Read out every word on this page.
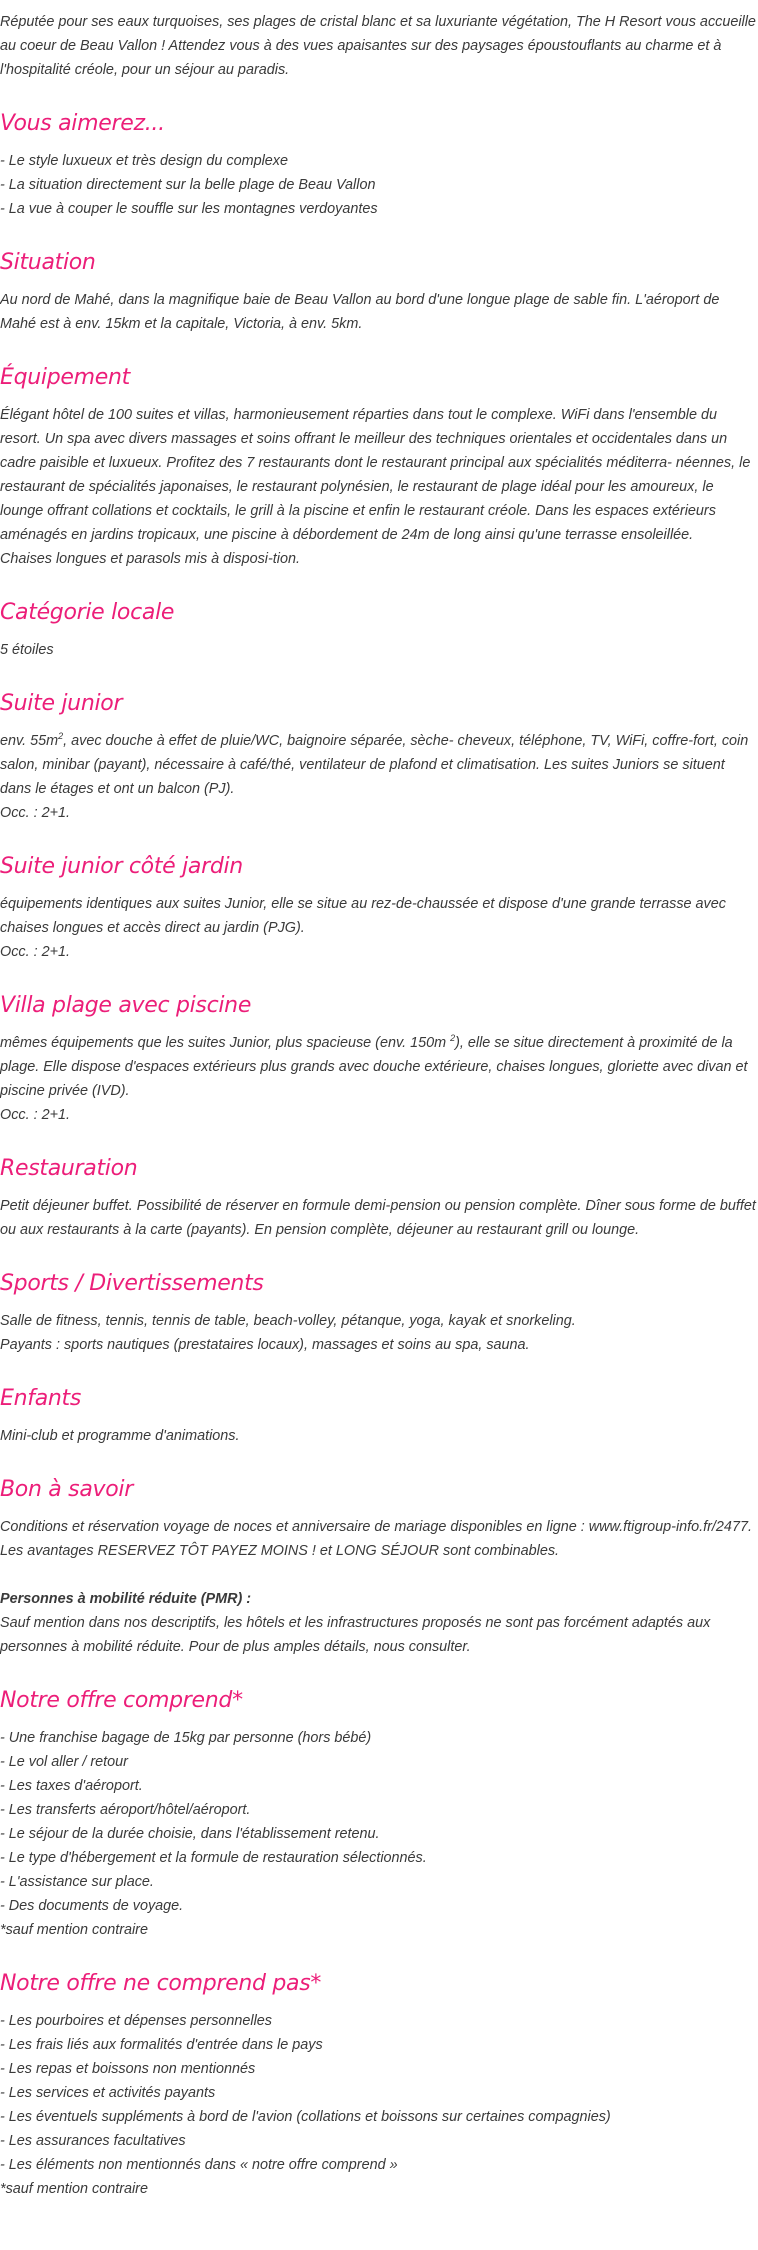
Réputée pour ses eaux turquoises, ses plages de cristal blanc et sa luxuriante végétation, The H Resort vous accueille au coeur de Beau Vallon ! Attendez vous à des vues apaisantes sur des paysages époustouflants au charme et à l'hospitalité créole, pour un séjour au paradis.

Vous aimerez...
- Le style luxueux et très design du complexe
- La situation directement sur la belle plage de Beau Vallon
- La vue à couper le souffle sur les montagnes verdoyantes
Situation

Au nord de Mahé, dans la magnifique baie de Beau Vallon au bord d'une longue plage de sable fin. L'aéroport de Mahé est à env. 15km et la capitale, Victoria, à env. 5km.

Équipement

Élégant hôtel de 100 suites et villas, harmonieusement réparties dans tout le complexe. WiFi dans l'ensemble du resort. Un spa avec divers massages et soins offrant le meilleur des techniques orientales et occidentales dans un cadre paisible et luxueux. Profitez des 7 restaurants dont le restaurant principal aux spécialités méditerra- néennes, le restaurant de spécialités japonaises, le restaurant polynésien, le restaurant de plage idéal pour les amoureux, le lounge offrant collations et cocktails, le grill à la piscine et enfin le restaurant créole. Dans les espaces extérieurs aménagés en jardins tropicaux, une piscine à débordement de 24m de long ainsi qu'une terrasse ensoleillée.

Chaises longues et parasols mis à disposi-tion.

Catégorie locale

5 étoiles

Suite junior

env. $55m^2$, avec douche à effet de pluie/WC, baignoire séparée, sèche- cheveux, téléphone, TV, WiFi, coffre-fort, coin salon, minibar (payant), nécessaire à café/thé, ventilateur de plafond et climatisation. Les suites Juniors se situent dans le étages et ont un balcon (PJ).

Occ. : 2+1.

Suite junior côté jardin

équipements identiques aux suites Junior, elle se situe au rez-de-chaussée et dispose d'une grande terrasse avec chaises longues et accès direct au jardin (PJG).

Occ. : 2+1.

Villa plage avec piscine

mêmes équipements que les suites Junior, plus spacieuse (env. 150m $^2$), elle se situe directement à proximité de la plage. Elle dispose d'espaces extérieurs plus grands avec douche extérieure, chaises longues, gloriette avec divan et piscine privée (IVD).

Occ. : 2+1.

Restauration

Petit déjeuner buffet. Possibilité de réserver en formule demi-pension ou pension complète. Dîner sous forme de buffet ou aux restaurants à la carte (payants). En pension complète, déjeuner au restaurant grill ou lounge.

Sports / Divertissements

Salle de fitness, tennis, tennis de table, beach-volley, pétanque, yoga, kayak et snorkeling.

Payants : sports nautiques (prestataires locaux), massages et soins au spa, sauna.

Enfants

Mini-club et programme d'animations.

Bon à savoir

Conditions et réservation voyage de noces et anniversaire de mariage disponibles en ligne : www.ftigroup-info.fr/2477.

Les avantages RESERVEZ TÔT PAYEZ MOINS ! et LONG SÉJOUR sont combinables.

Personnes à mobilité réduite (PMR) :

Sauf mention dans nos descriptifs, les hôtels et les infrastructures proposés ne sont pas forcément adaptés aux personnes à mobilité réduite. Pour de plus amples détails, nous consulter.

Notre offre comprend*
- Une franchise bagage de 15kg par personne (hors bébé)
- Le vol aller / retour
- Les taxes d'aéroport.
- Les transferts aéroport/hôtel/aéroport.
- Le séjour de la durée choisie, dans l'établissement retenu.
- Le type d'hébergement et la formule de restauration sélectionnés.
- L'assistance sur place.
- Des documents de voyage.

*sauf mention contraire

Notre offre ne comprend pas*
- Les pourboires et dépenses personnelles
- Les frais liés aux formalités d'entrée dans le pays
- Les repas et boissons non mentionnés
- Les services et activités payants
- Les éventuels suppléments à bord de l'avion (collations et boissons sur certaines compagnies)
- Les assurances facultatives
- Les éléments non mentionnés dans « notre offre comprend »

*sauf mention contraire
